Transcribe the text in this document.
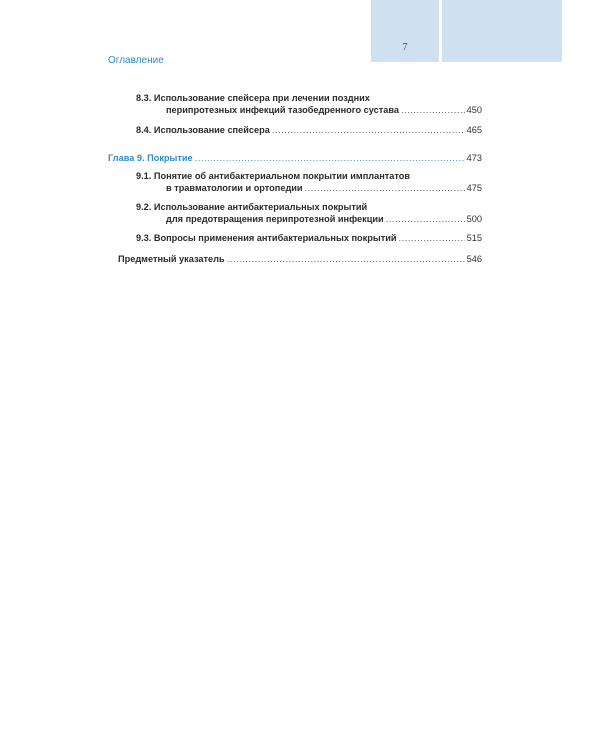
7
Оглавление
8.3. Использование спейсера при лечении поздних
перипротезных инфекций тазобедренного сустава . . .	450
8.4. Использование спейсера . . .	465
Глава 9. Покрытие . . .	473
9.1. Понятие об антибактериальном покрытии имплантатов
в травматологии и ортопедии . . .	475
9.2. Использование антибактериальных покрытий
для предотвращения перипротезной инфекции . . .	500
9.3. Вопросы применения антибактериальных покрытий . . .	515
Предметный указатель . . .	546
